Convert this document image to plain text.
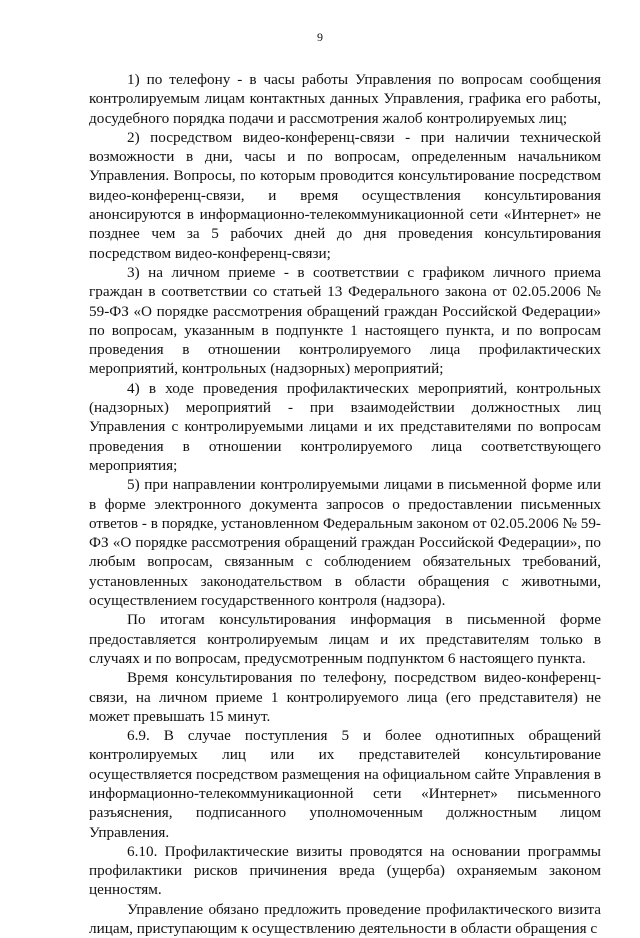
9

1) по телефону - в часы работы Управления по вопросам сообщения контролируемым лицам контактных данных Управления, графика его работы, досудебного порядка подачи и рассмотрения жалоб контролируемых лиц;

2) посредством видео-конференц-связи - при наличии технической возможности в дни, часы и по вопросам, определенным начальником Управления. Вопросы, по которым проводится консультирование посредством видео-конференц-связи, и время осуществления консультирования анонсируются в информационно-телекоммуникационной сети «Интернет» не позднее чем за 5 рабочих дней до дня проведения консультирования посредством видео-конференц-связи;

3) на личном приеме - в соответствии с графиком личного приема граждан в соответствии со статьей 13 Федерального закона от 02.05.2006 № 59-ФЗ «О порядке рассмотрения обращений граждан Российской Федерации» по вопросам, указанным в подпункте 1 настоящего пункта, и по вопросам проведения в отношении контролируемого лица профилактических мероприятий, контрольных (надзорных) мероприятий;

4) в ходе проведения профилактических мероприятий, контрольных (надзорных) мероприятий - при взаимодействии должностных лиц Управления с контролируемыми лицами и их представителями по вопросам проведения в отношении контролируемого лица соответствующего мероприятия;

5) при направлении контролируемыми лицами в письменной форме или в форме электронного документа запросов о предоставлении письменных ответов - в порядке, установленном Федеральным законом от 02.05.2006 № 59-ФЗ «О порядке рассмотрения обращений граждан Российской Федерации», по любым вопросам, связанным с соблюдением обязательных требований, установленных законодательством в области обращения с животными, осуществлением государственного контроля (надзора).

По итогам консультирования информация в письменной форме предоставляется контролируемым лицам и их представителям только в случаях и по вопросам, предусмотренным подпунктом 6 настоящего пункта.

Время консультирования по телефону, посредством видео-конференц-связи, на личном приеме 1 контролируемого лица (его представителя) не может превышать 15 минут.

6.9. В случае поступления 5 и более однотипных обращений контролируемых лиц или их представителей консультирование осуществляется посредством размещения на официальном сайте Управления в информационно-телекоммуникационной сети «Интернет» письменного разъяснения, подписанного уполномоченным должностным лицом Управления.

6.10. Профилактические визиты проводятся на основании программы профилактики рисков причинения вреда (ущерба) охраняемым законом ценностям.

Управление обязано предложить проведение профилактического визита лицам, приступающим к осуществлению деятельности в области обращения с
